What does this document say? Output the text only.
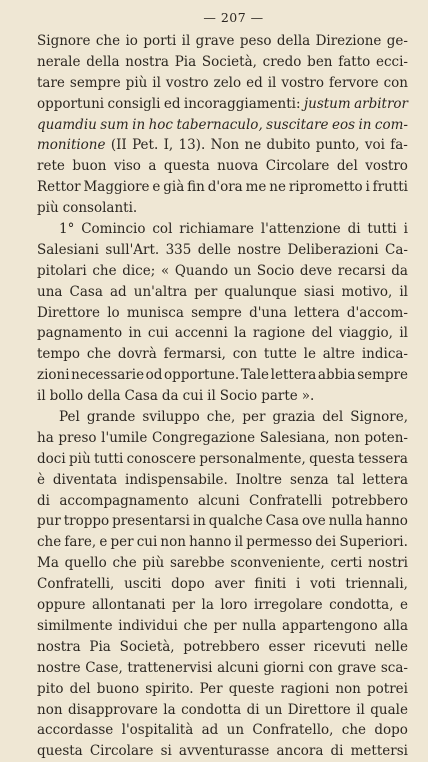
— 207 —
Signore che io porti il grave peso della Direzione ge-
nerale della nostra Pia Società, credo ben fatto ecci-
tare sempre più il vostro zelo ed il vostro fervore con
opportuni consigli ed incoraggiamenti: justum arbitror
quamdiu sum in hoc tabernaculo, suscitare eos in com-
monitione (II Pet. I, 13). Non ne dubito punto, voi fa-
rete buon viso a questa nuova Circolare del vostro
Rettor Maggiore e già fin d'ora me ne riprometto i frutti
più consolanti.
1° Comincio col richiamare l'attenzione di tutti i
Salesiani sull'Art. 335 delle nostre Deliberazioni Ca-
pitolari che dice; « Quando un Socio deve recarsi da
una Casa ad un'altra per qualunque siasi motivo, il
Direttore lo munisca sempre d'una lettera d'accom-
pagnamento in cui accenni la ragione del viaggio, il
tempo che dovrà fermarsi, con tutte le altre indica-
zioni necessarie od opportune. Tale lettera abbia sempre
il bollo della Casa da cui il Socio parte ».
Pel grande sviluppo che, per grazia del Signore,
ha preso l'umile Congregazione Salesiana, non poten-
doci più tutti conoscere personalmente, questa tessera
è diventata indispensabile. Inoltre senza tal lettera
di accompagnamento alcuni Confratelli potrebbero
pur troppo presentarsi in qualche Casa ove nulla hanno
che fare, e per cui non hanno il permesso dei Superiori.
Ma quello che più sarebbe sconveniente, certi nostri
Confratelli, usciti dopo aver finiti i voti triennali,
oppure allontanati per la loro irregolare condotta, e
similmente individui che per nulla appartengono alla
nostra Pia Società, potrebbero esser ricevuti nelle
nostre Case, trattenervisi alcuni giorni con grave sca-
pito del buono spirito. Per queste ragioni non potrei
non disapprovare la condotta di un Direttore il quale
accordasse l'ospitalità ad un Confratello, che dopo
questa Circolare si avventurasse ancora di mettersi
